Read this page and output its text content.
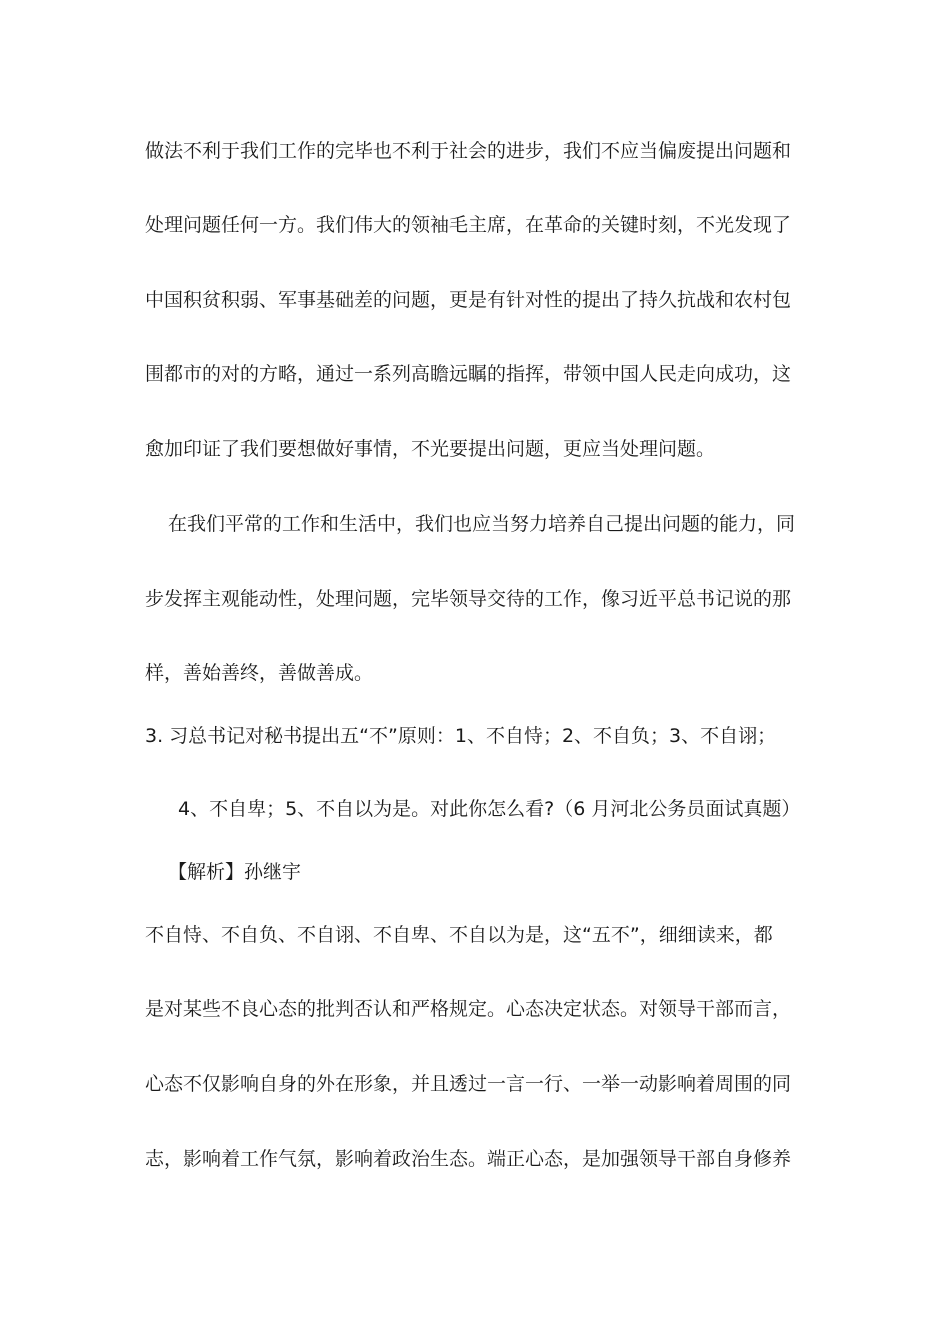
做法不利于我们工作的完毕也不利于社会的进步，我们不应当偏废提出问题和
处理问题任何一方。我们伟大的领袖毛主席，在革命的关键时刻，不光发现了
中国积贫积弱、军事基础差的问题，更是有针对性的提出了持久抗战和农村包
围都市的对的方略，通过一系列高瞻远瞩的指挥，带领中国人民走向成功，这
愈加印证了我们要想做好事情，不光要提出问题，更应当处理问题。
在我们平常的工作和生活中，我们也应当努力培养自己提出问题的能力，同
步发挥主观能动性，处理问题，完毕领导交待的工作，像习近平总书记说的那
样，善始善终，善做善成。
3. 习总书记对秘书提出五“不”原则：1、不自恃；2、不自负；3、不自诩；
4、不自卑；5、不自以为是。对此你怎么看?（6 月河北公务员面试真题）
【解析】孙继宇
不自恃、不自负、不自诩、不自卑、不自以为是，这“五不”，细细读来，都
是对某些不良心态的批判否认和严格规定。心态决定状态。对领导干部而言，
心态不仅影响自身的外在形象，并且透过一言一行、一举一动影响着周围的同
志，影响着工作气氛，影响着政治生态。端正心态，是加强领导干部自身修养
